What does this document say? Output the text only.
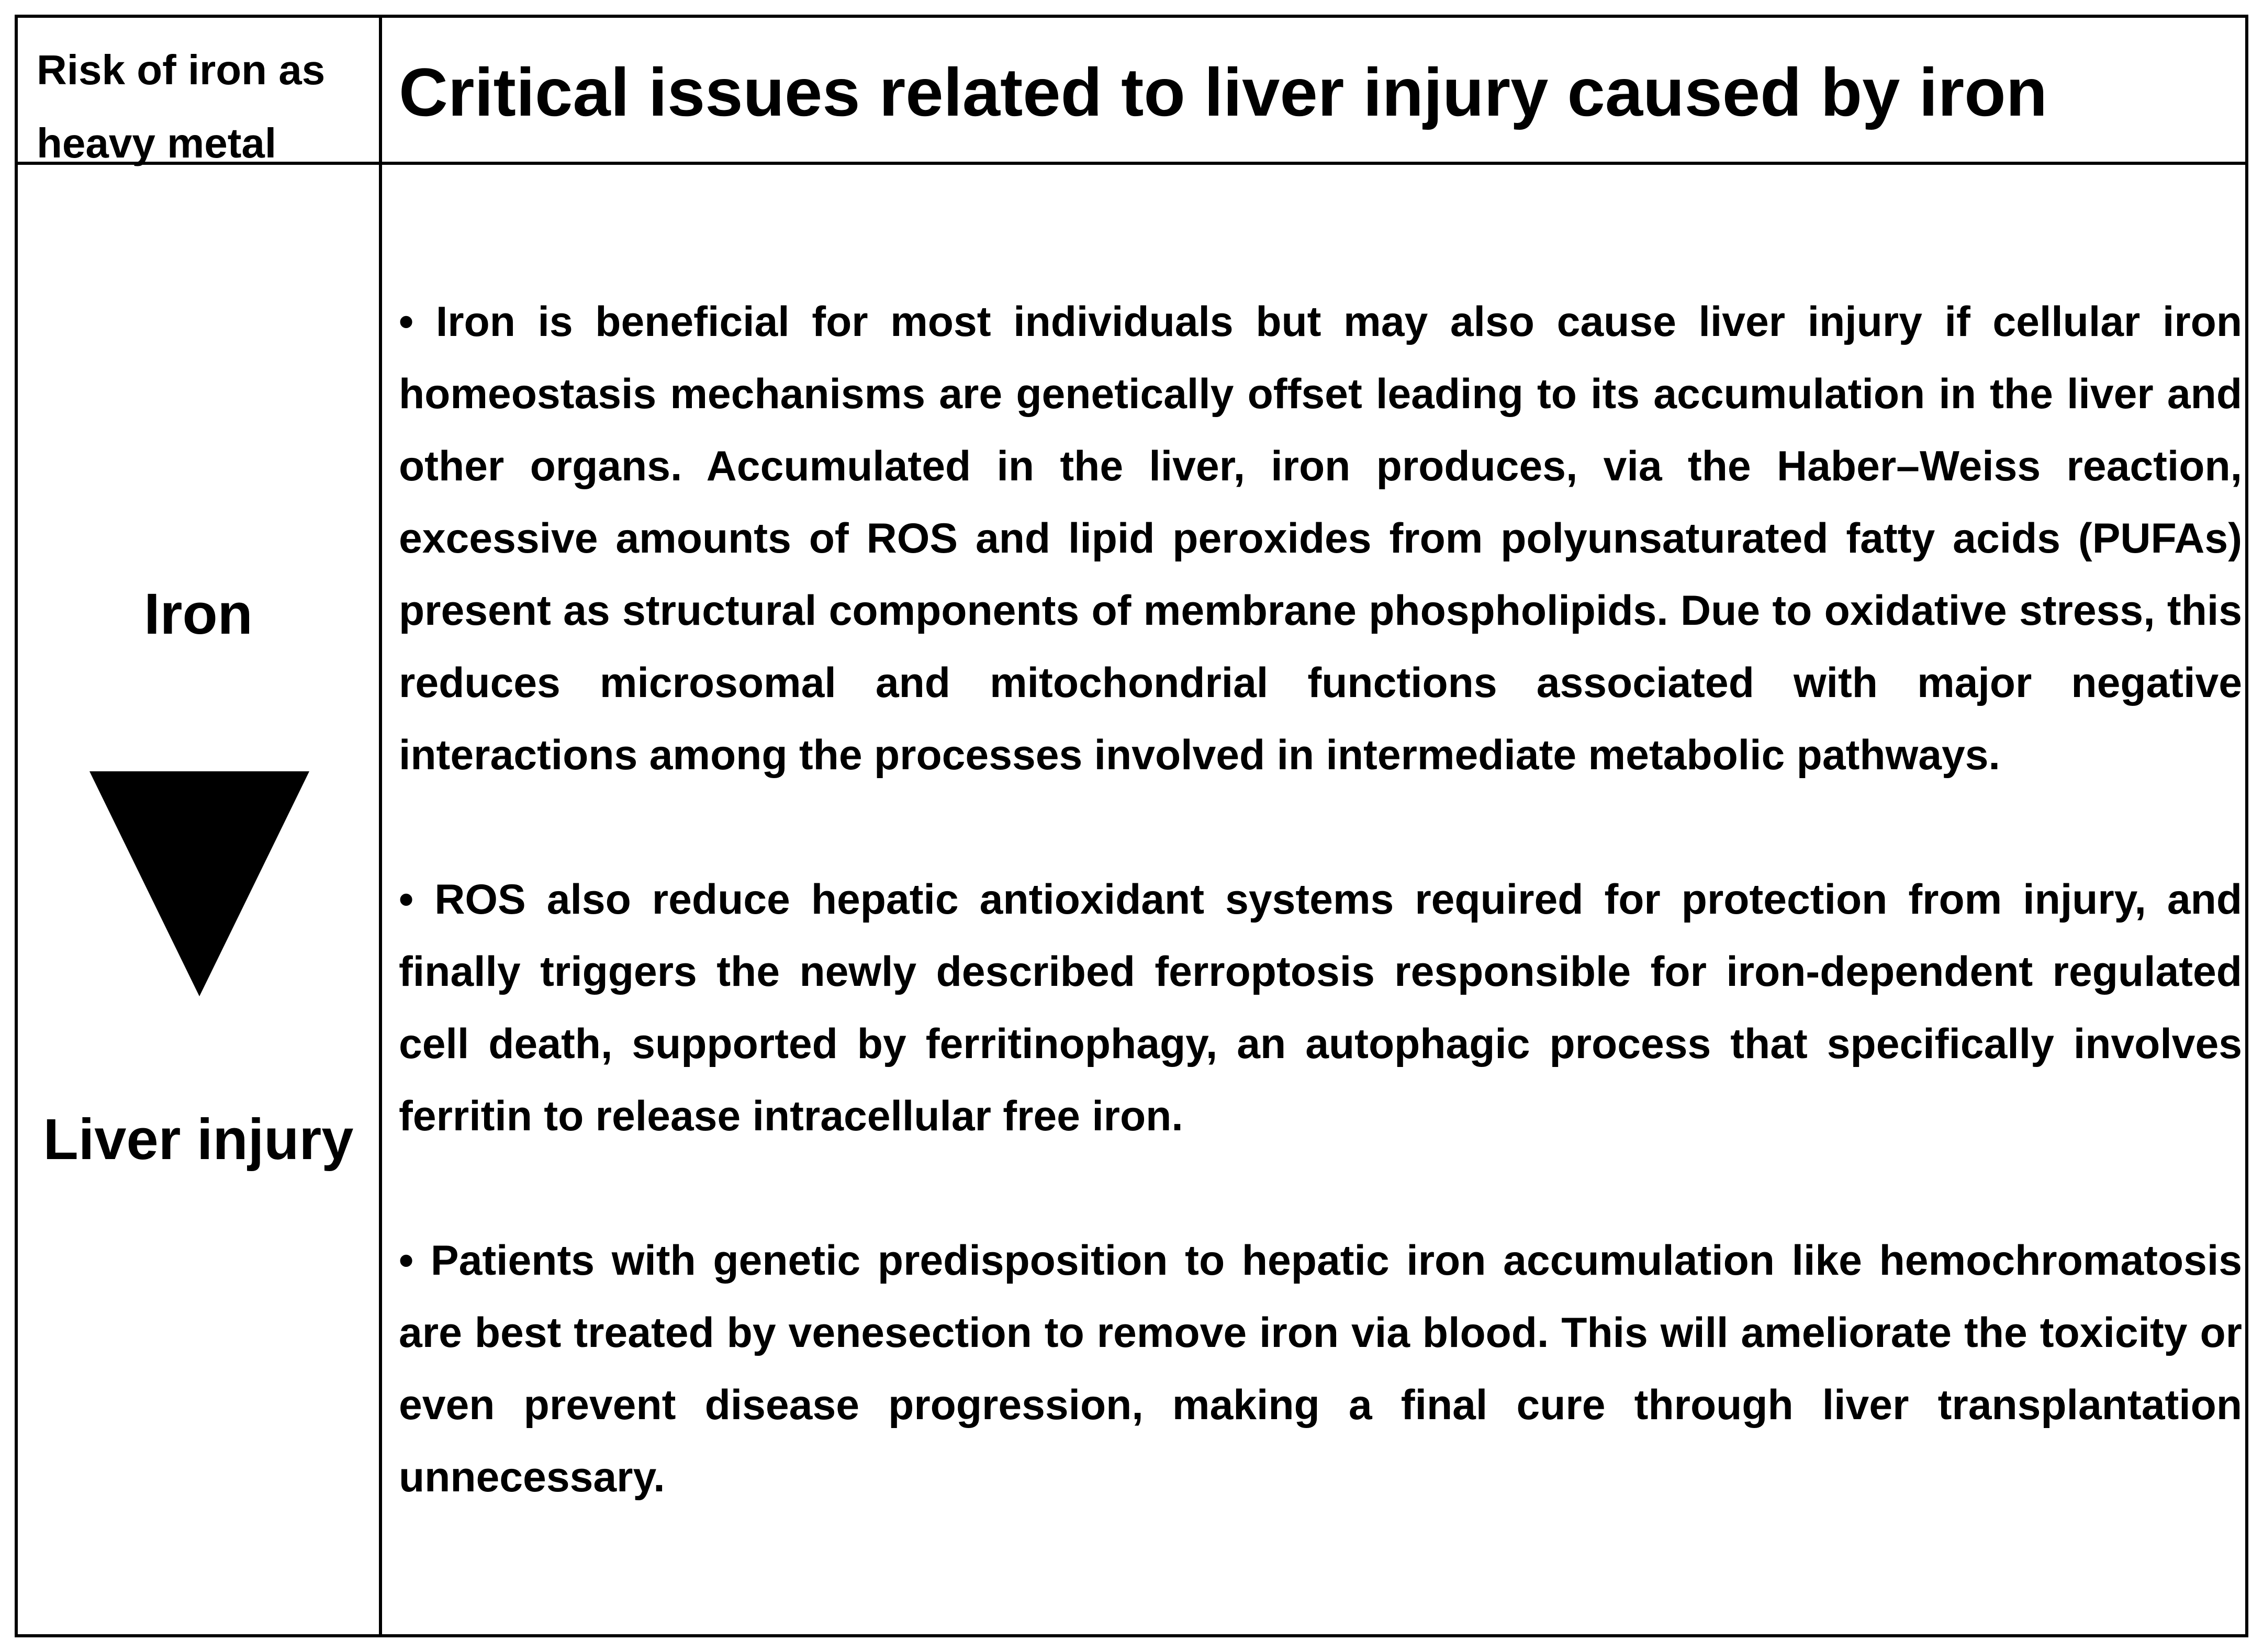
Risk of iron as heavy metal
Critical issues related to liver injury caused by iron
Iron
Liver injury

• Iron is beneficial for most individuals but may also cause liver injury if cellular iron homeostasis mechanisms are genetically offset leading to its accumulation in the liver and other organs. Accumulated in the liver, iron produces, via the Haber–Weiss reaction, excessive amounts of ROS and lipid peroxides from polyunsaturated fatty acids (PUFAs) present as structural components of membrane phospholipids. Due to oxidative stress, this reduces microsomal and mitochondrial functions associated with major negative interactions among the processes involved in intermediate metabolic pathways.

• ROS also reduce hepatic antioxidant systems required for protection from injury, and finally triggers the newly described ferroptosis responsible for iron-dependent regulated cell death, supported by ferritinophagy, an autophagic process that specifically involves ferritin to release intracellular free iron.

• Patients with genetic predisposition to hepatic iron accumulation like hemochromatosis are best treated by venesection to remove iron via blood. This will ameliorate the toxicity or even prevent disease progression, making a final cure through liver transplantation unnecessary.
